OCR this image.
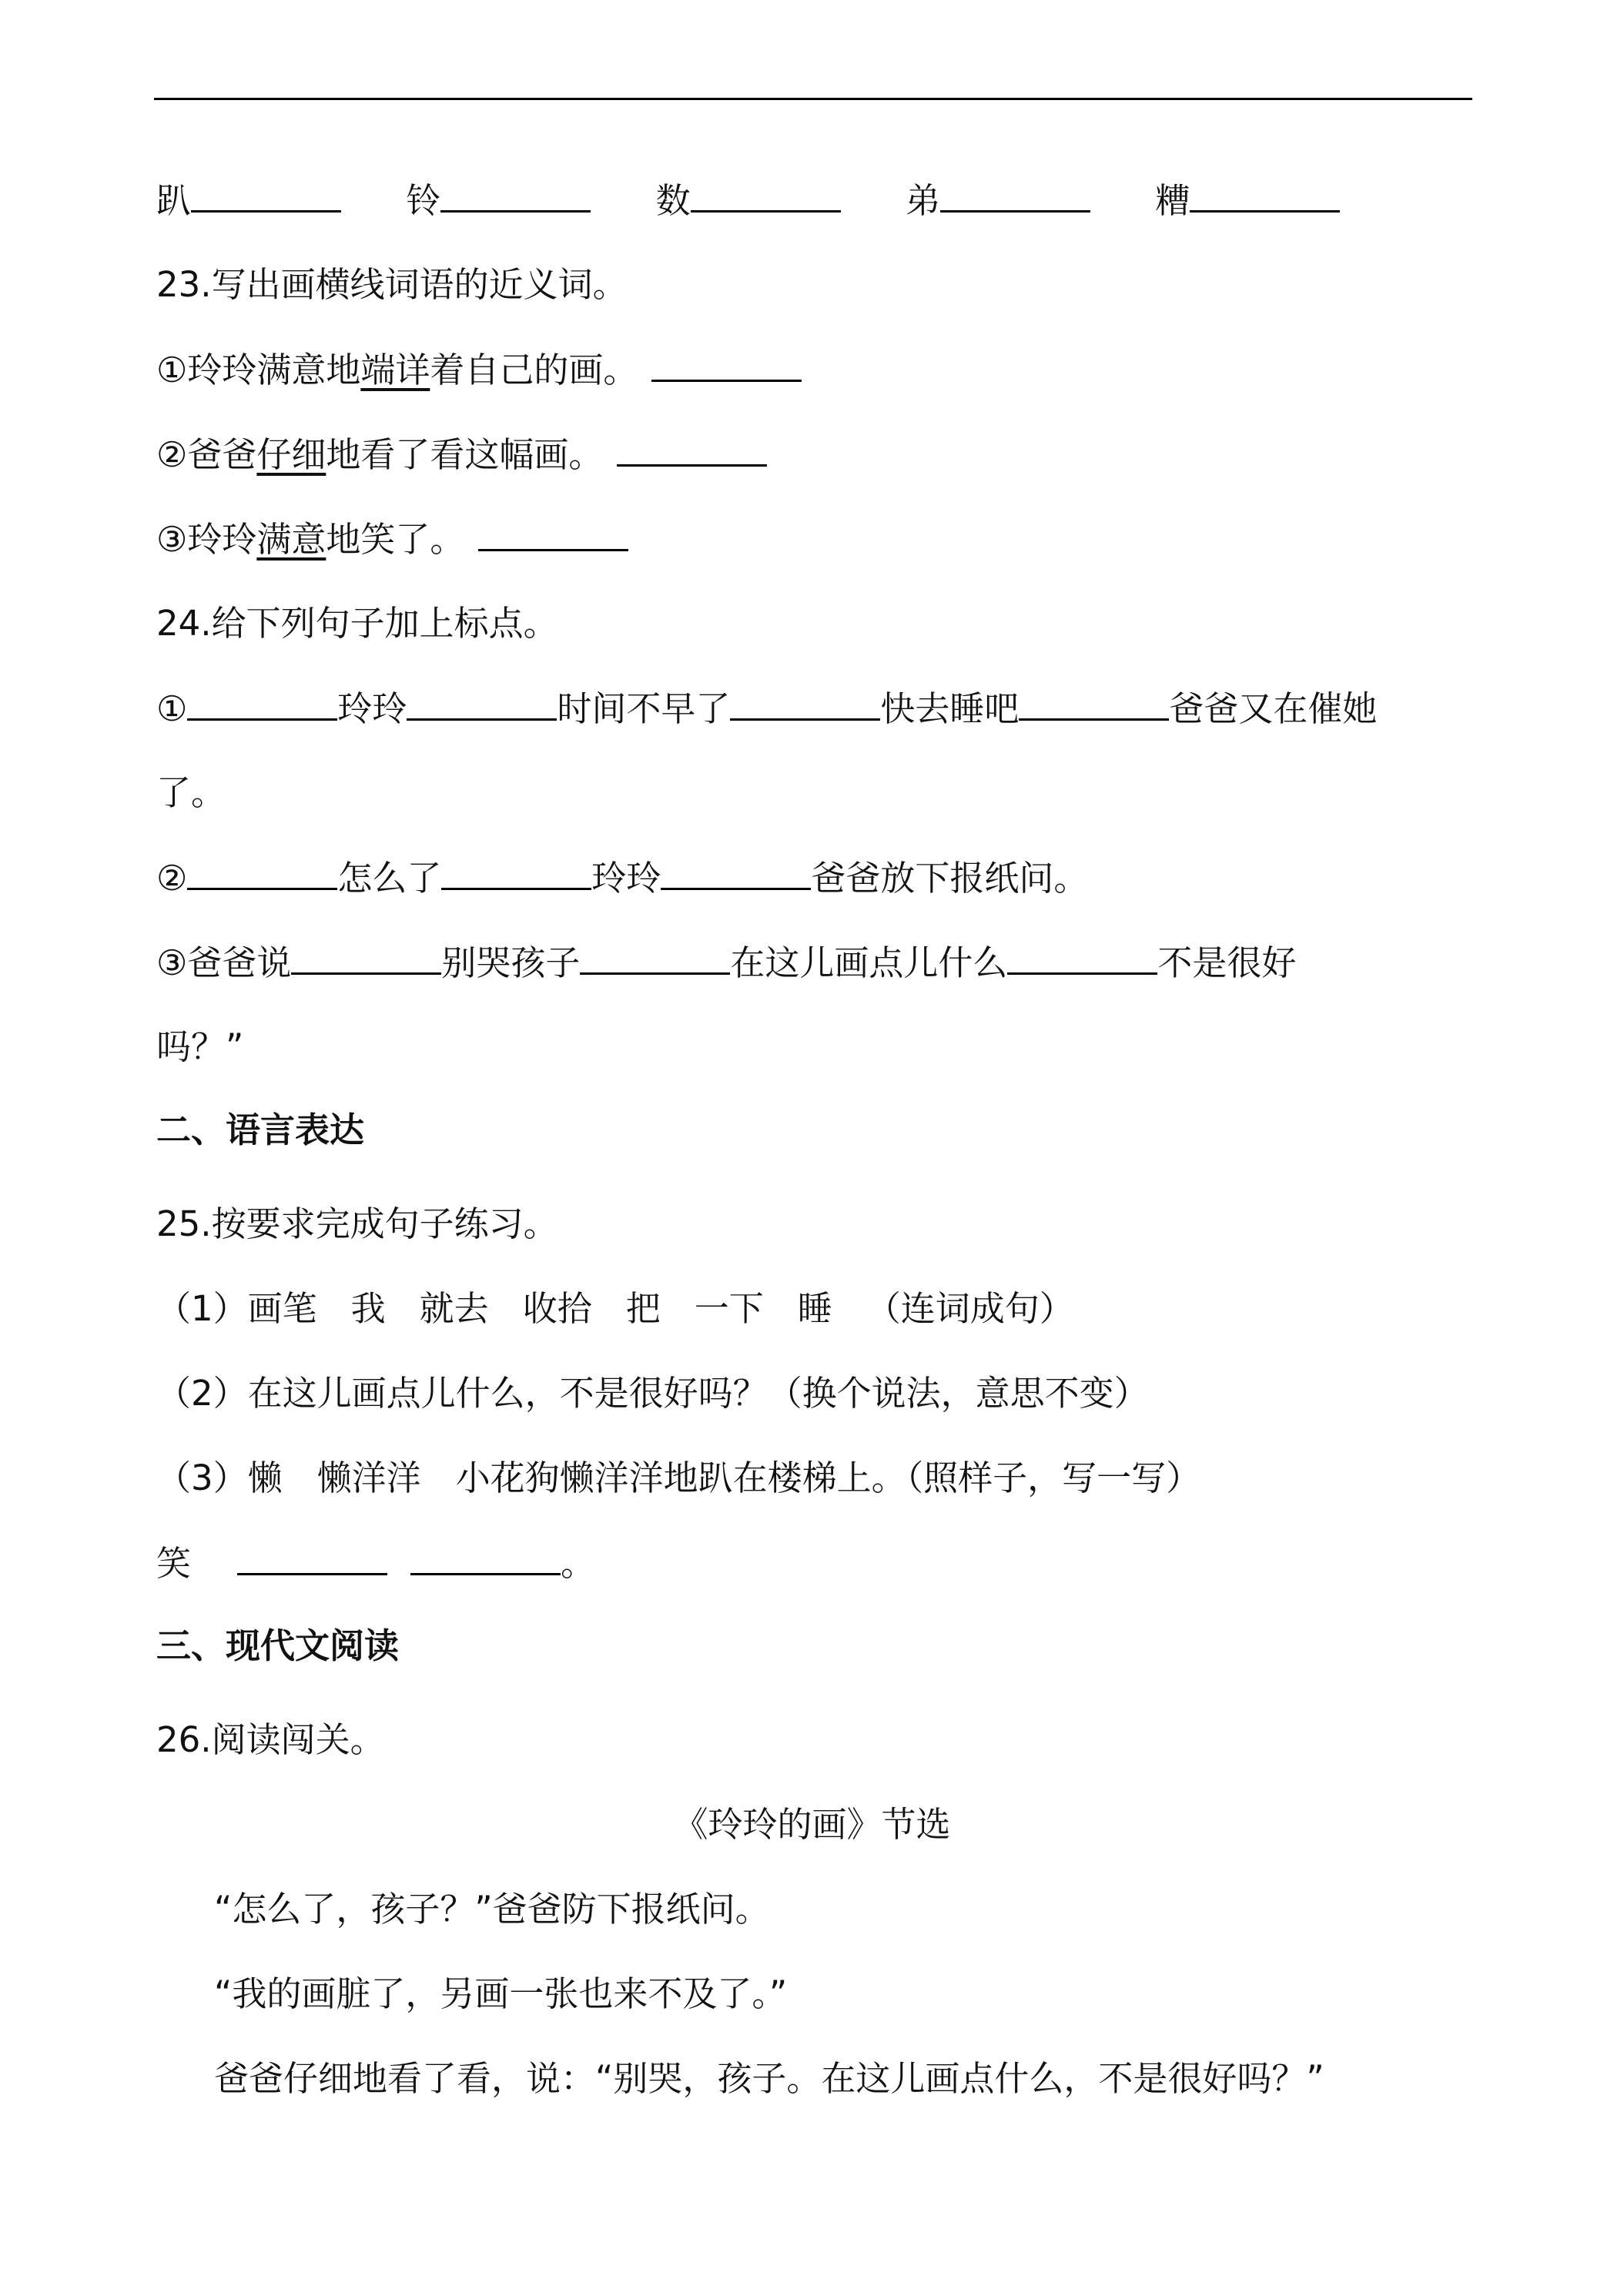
趴	铃	数	弟	糟
23.写出画横线词语的近义词。
①玲玲满意地端详着自己的画。
②爸爸仔细地看了看这幅画。
③玲玲满意地笑了。
24.给下列句子加上标点。
①	玲玲	时间不早了	快去睡吧	爸爸又在催她
了。
②	怎么了	玲玲	爸爸放下报纸问。
③爸爸说	别哭孩子	在这儿画点儿什么	不是很好
吗？”
二、语言表达
25.按要求完成句子练习。
（1）画笔 我 就去 收拾 把 一下 睡 （连词成句）
（2）在这儿画点儿什么，不是很好吗？（换个说法，意思不变）
（3）懒　懒洋洋　小花狗懒洋洋地趴在楼梯上。（照样子，写一写）
笑	。
三、现代文阅读
26.阅读闯关。
《玲玲的画》节选
“怎么了，孩子？”爸爸防下报纸问。
“我的画脏了，另画一张也来不及了。”
爸爸仔细地看了看，说：“别哭，孩子。在这儿画点什么，不是很好吗？”
